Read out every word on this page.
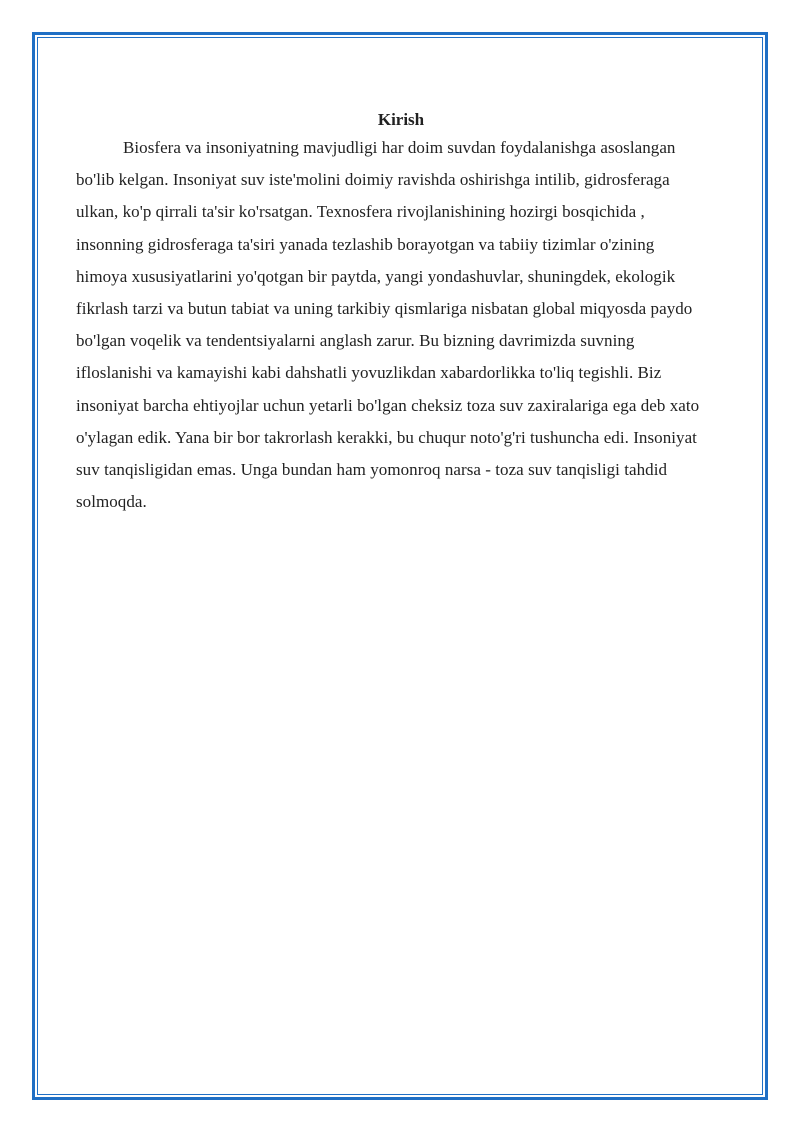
Kirish

Biosfera va insoniyatning mavjudligi har doim suvdan foydalanishga asoslangan bo'lib kelgan. Insoniyat suv iste'molini doimiy ravishda oshirishga intilib, gidrosferaga ulkan, ko'p qirrali ta'sir ko'rsatgan. Texnosfera rivojlanishining hozirgi bosqichida , insonning gidrosferaga ta'siri yanada tezlashib borayotgan va tabiiy tizimlar o'zining himoya xususiyatlarini yo'qotgan bir paytda, yangi yondashuvlar, shuningdek, ekologik fikrlash tarzi va butun tabiat va uning tarkibiy qismlariga nisbatan global miqyosda paydo bo'lgan voqelik va tendentsiyalarni anglash zarur. Bu bizning davrimizda suvning ifloslanishi va kamayishi kabi dahshatli yovuzlikdan xabardorlikka to'liq tegishli. Biz insoniyat barcha ehtiyojlar uchun yetarli bo'lgan cheksiz toza suv zaxiralariga ega deb xato o'ylagan edik. Yana bir bor takrorlash kerakki, bu chuqur noto'g'ri tushuncha edi. Insoniyat suv tanqisligidan emas. Unga bundan ham yomonroq narsa - toza suv tanqisligi tahdid solmoqda.
